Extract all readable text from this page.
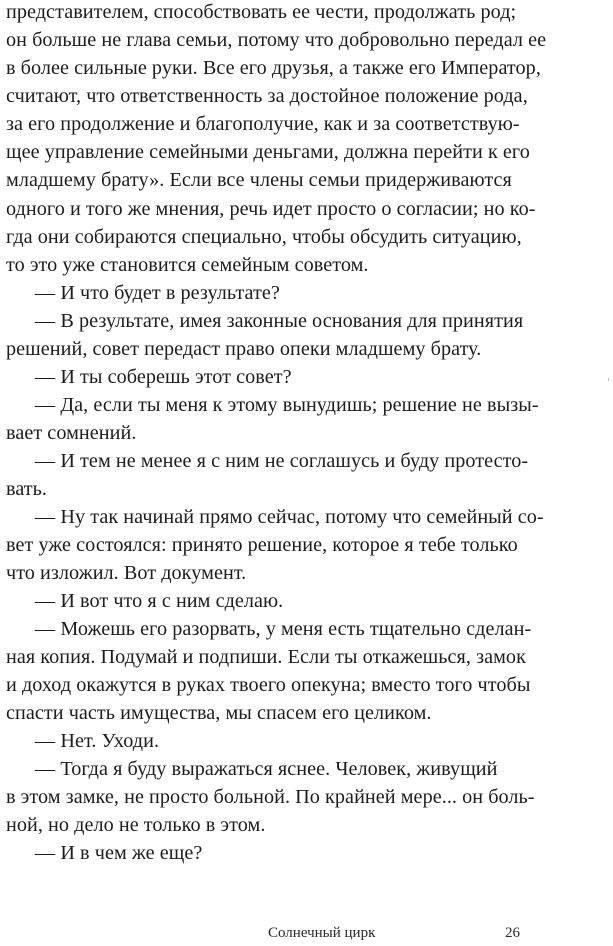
представителем, способствовать ее чести, продолжать род;
он больше не глава семьи, потому что добровольно передал ее
в более сильные руки. Все его друзья, а также его Император,
считают, что ответственность за достойное положение рода,
за его продолжение и благополучие, как и за соответствую-
щее управление семейными деньгами, должна перейти к его
младшему брату». Если все члены семьи придерживаются
одного и того же мнения, речь идет просто о согласии; но ко-
гда они собираются специально, чтобы обсудить ситуацию,
то это уже становится семейным советом.
— И что будет в результате?
— В результате, имея законные основания для принятия
решений, совет передаст право опеки младшему брату.
— И ты соберешь этот совет?
— Да, если ты меня к этому вынудишь; решение не вызы-
вает сомнений.
— И тем не менее я с ним не соглашусь и буду протесто-
вать.
— Ну так начинай прямо сейчас, потому что семейный со-
вет уже состоялся: принято решение, которое я тебе только
что изложил. Вот документ.
— И вот что я с ним сделаю.
— Можешь его разорвать, у меня есть тщательно сделан-
ная копия. Подумай и подпиши. Если ты откажешься, замок
и доход окажутся в руках твоего опекуна; вместо того чтобы
спасти часть имущества, мы спасем его целиком.
— Нет. Уходи.
— Тогда я буду выражаться яснее. Человек, живущий
в этом замке, не просто больной. По крайней мере... он боль-
ной, но дело не только в этом.
— И в чем же еще?
Солнечный цирк	26
